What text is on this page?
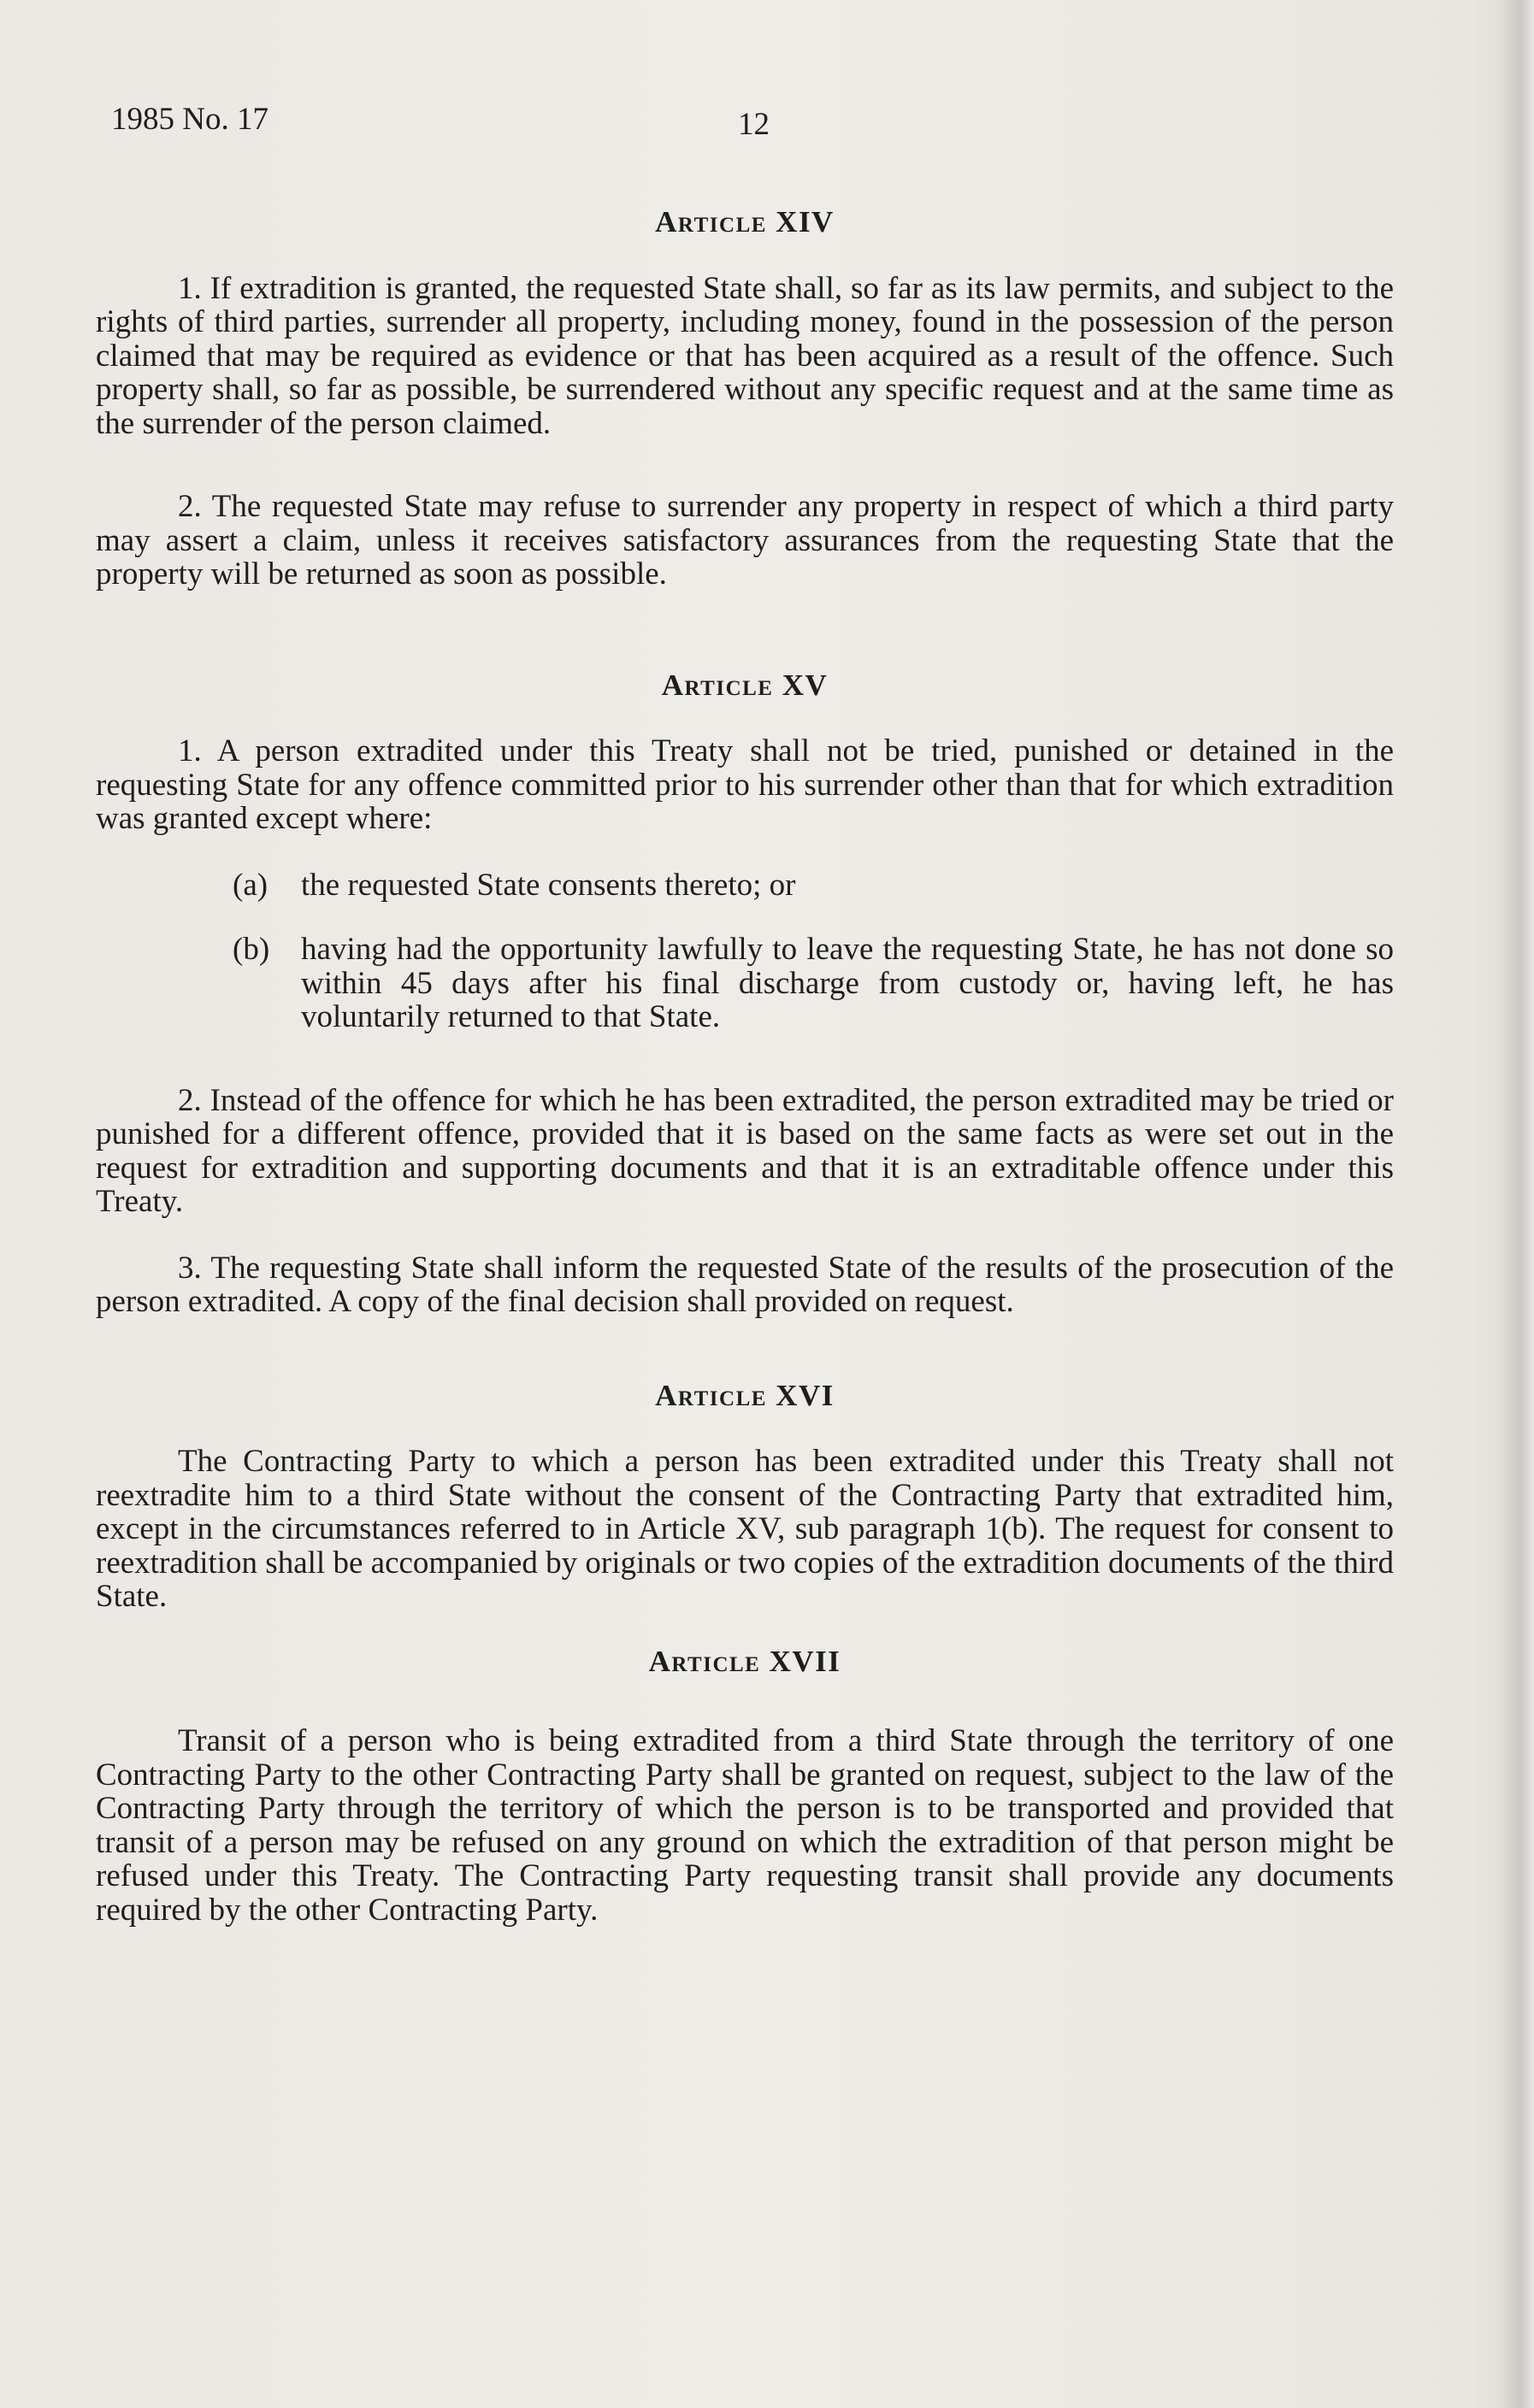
1985 No. 17	12
Article XIV

1. If extradition is granted, the requested State shall, so far as its law permits, and subject to the rights of third parties, surrender all property, including money, found in the possession of the person claimed that may be required as evidence or that has been acquired as a result of the offence. Such property shall, so far as possible, be surrendered without any specific request and at the same time as the surrender of the person claimed.

2. The requested State may refuse to surrender any property in respect of which a third party may assert a claim, unless it receives satisfactory assurances from the requesting State that the property will be returned as soon as possible.

Article XV

1. A person extradited under this Treaty shall not be tried, punished or detained in the requesting State for any offence committed prior to his surrender other than that for which extradition was granted except where:

(a)	the requested State consents thereto; or
(b) having had the opportunity lawfully to leave the requesting State, he has not done so within 45 days after his final discharge from custody or, having left, he has voluntarily returned to that State.

2. Instead of the offence for which he has been extradited, the person extradited may be tried or punished for a different offence, provided that it is based on the same facts as were set out in the request for extradition and supporting documents and that it is an extraditable offence under this Treaty.

3. The requesting State shall inform the requested State of the results of the prosecution of the person extradited. A copy of the final decision shall provided on request.

Article XVI

The Contracting Party to which a person has been extradited under this Treaty shall not reextradite him to a third State without the consent of the Contracting Party that extradited him, except in the circumstances referred to in Article XV, sub paragraph 1(b). The request for consent to reextradition shall be accompanied by originals or two copies of the extradition documents of the third State.

Article XVII

Transit of a person who is being extradited from a third State through the territory of one Contracting Party to the other Contracting Party shall be granted on request, subject to the law of the Contracting Party through the territory of which the person is to be transported and provided that transit of a person may be refused on any ground on which the extradition of that person might be refused under this Treaty. The Contracting Party requesting transit shall provide any documents required by the other Contracting Party.
